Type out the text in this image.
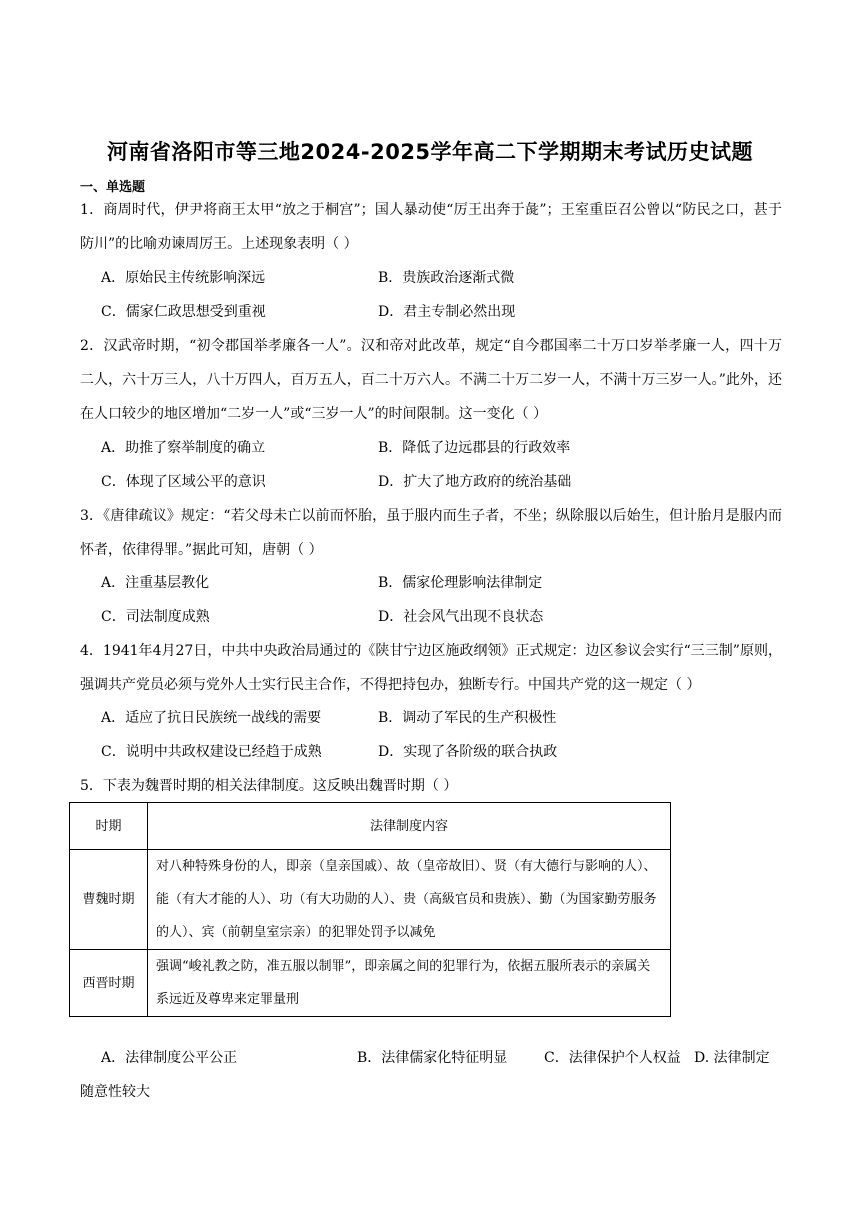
河南省洛阳市等三地2024-2025学年高二下学期期末考试历史试题
一、单选题
1．商周时代，伊尹将商王太甲“放之于桐宫”；国人暴动使“厉王出奔于彘”；王室重臣召公曾以“防民之口，甚于防川”的比喻劝谏周厉王。上述现象表明（ ）
A．原始民主传统影响深远	B．贵族政治逐渐式微
C．儒家仁政思想受到重视	D．君主专制必然出现
2．汉武帝时期，“初令郡国举孝廉各一人”。汉和帝对此改革，规定“自今郡国率二十万口岁举孝廉一人，四十万二人，六十万三人，八十万四人，百万五人，百二十万六人。不满二十万二岁一人，不满十万三岁一人。”此外，还在人口较少的地区增加“二岁一人”或“三岁一人”的时间限制。这一变化（ ）
A．助推了察举制度的确立	B．降低了边远郡县的行政效率
C．体现了区域公平的意识	D．扩大了地方政府的统治基础
3．《唐律疏议》规定：“若父母未亡以前而怀胎，虽于服内而生子者，不坐；纵除服以后始生，但计胎月是服内而怀者，依律得罪。”据此可知，唐朝（ ）
A．注重基层教化	B．儒家伦理影响法律制定
C．司法制度成熟	D．社会风气出现不良状态
4．1941年4月27日，中共中央政治局通过的《陕甘宁边区施政纲领》正式规定：边区参议会实行“三三制”原则，强调共产党员必须与党外人士实行民主合作，不得把持包办，独断专行。中国共产党的这一规定（ ）
A．适应了抗日民族统一战线的需要	B．调动了军民的生产积极性
C．说明中共政权建设已经趋于成熟	D．实现了各阶级的联合执政
5．下表为魏晋时期的相关法律制度。这反映出魏晋时期（ ）
时期	法律制度内容
曹魏时期	对八种特殊身份的人，即亲（皇亲国戚）、故（皇帝故旧）、贤（有大德行与影响的人）、能（有大才能的人）、功（有大功勋的人）、贵（高級官员和贵族）、勤（为国家勤劳服务的人）、宾（前朝皇室宗亲）的犯罪处罚予以减免
西晋时期	强调“峻礼教之防，准五服以制罪”，即亲属之间的犯罪行为，依据五服所表示的亲属关系远近及尊卑来定罪量刑
A．法律制度公平公正	B．法律儒家化特征明显	C．法律保护个人权益 D. 法律制定随意性较大
